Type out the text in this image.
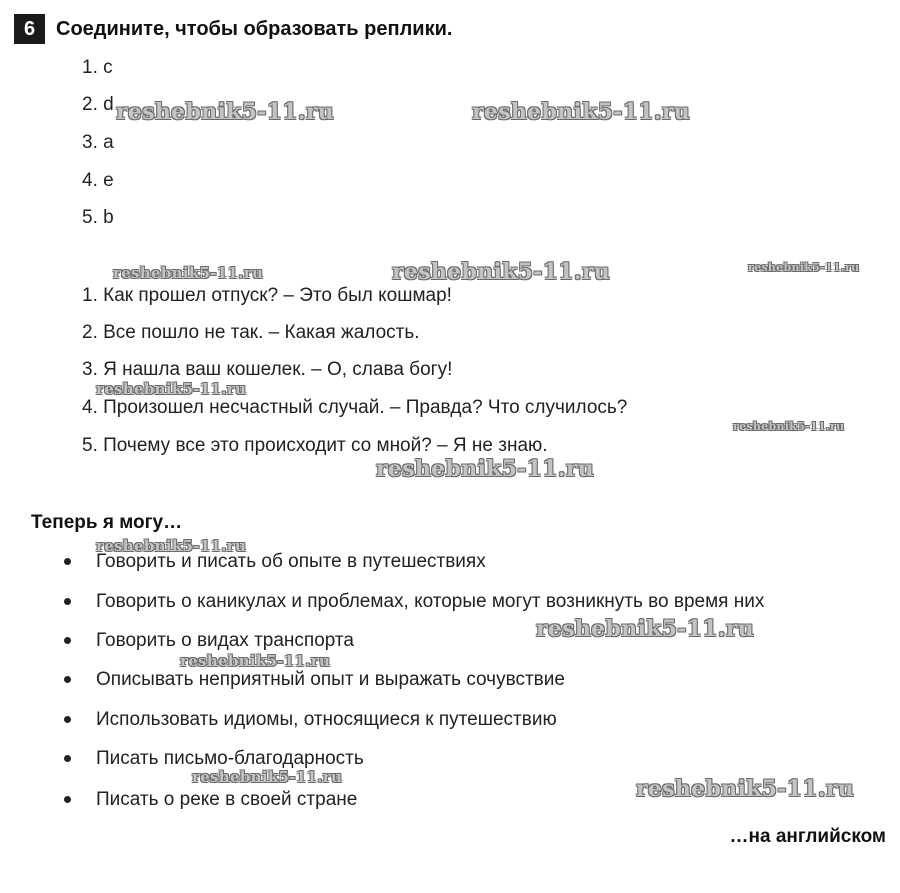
6	Соедините, чтобы образовать реплики.
1. c
2. d
3. a
4. e
5. b
1. Как прошел отпуск? – Это был кошмар!
2. Все пошло не так. – Какая жалость.
3. Я нашла ваш кошелек. – О, слава богу!
4. Произошел несчастный случай. – Правда? Что случилось?
5. Почему все это происходит со мной? – Я не знаю.
Теперь я могу…
Говорить и писать об опыте в путешествиях
Говорить о каникулах и проблемах, которые могут возникнуть во время них
Говорить о видах транспорта
Описывать неприятный опыт и выражать сочувствие
Использовать идиомы, относящиеся к путешествию
Писать письмо-благодарность
Писать о реке в своей стране
…на английском
reshebnik5-11.ru	reshebnik5-11.ru
reshebnik5-11.ru	reshebnik5-11.ru	reshebnik5-11.ru
reshebnik5-11.ru
reshebnik5-11.ru
reshebnik5-11.ru
reshebnik5-11.ru
reshebnik5-11.ru
reshebnik5-11.ru
reshebnik5-11.ru	reshebnik5-11.ru
